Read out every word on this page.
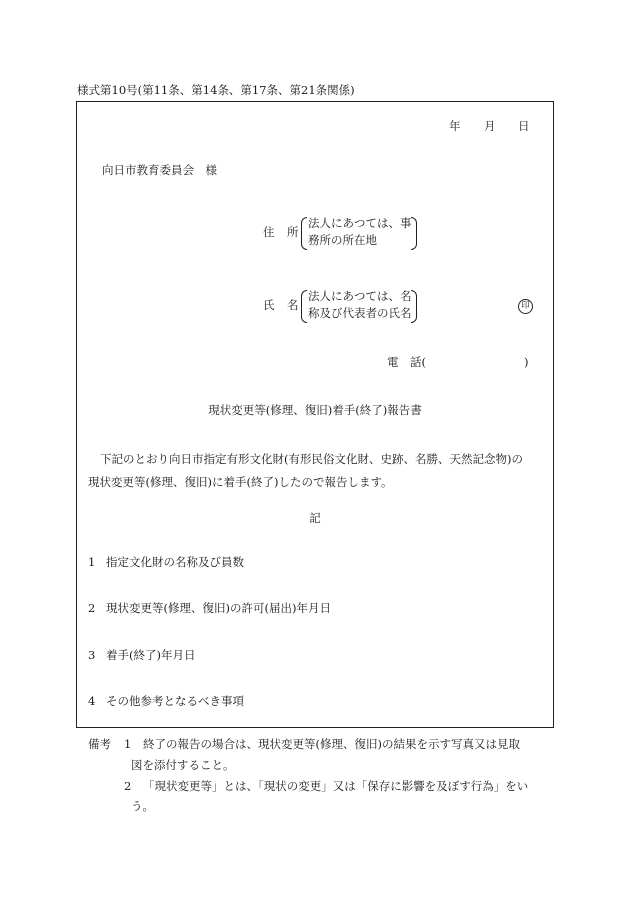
様式第10号(第11条、第14条、第17条、第21条関係)
年 月 日
向日市教育委員会　様
住 所
法人にあつては、事
務所の所在地
氏 名
法人にあつては、名
称及び代表者の氏名	印
電　話(	)
現状変更等(修理、復旧)着手(終了)報告書
下記のとおり向日市指定有形文化財(有形民俗文化財、史跡、名勝、天然記念物)の
現状変更等(修理、復旧)に着手(終了)したので報告します。
記
1 指定文化財の名称及び員数
2 現状変更等(修理、復旧)の許可(届出)年月日
3 着手(終了)年月日
4 その他参考となるべき事項
備考 1 終了の報告の場合は、現状変更等(修理、復旧)の結果を示す写真又は見取
図を添付すること。
2 「現状変更等」とは、「現状の変更」又は「保存に影響を及ぼす行為」をい
う。
